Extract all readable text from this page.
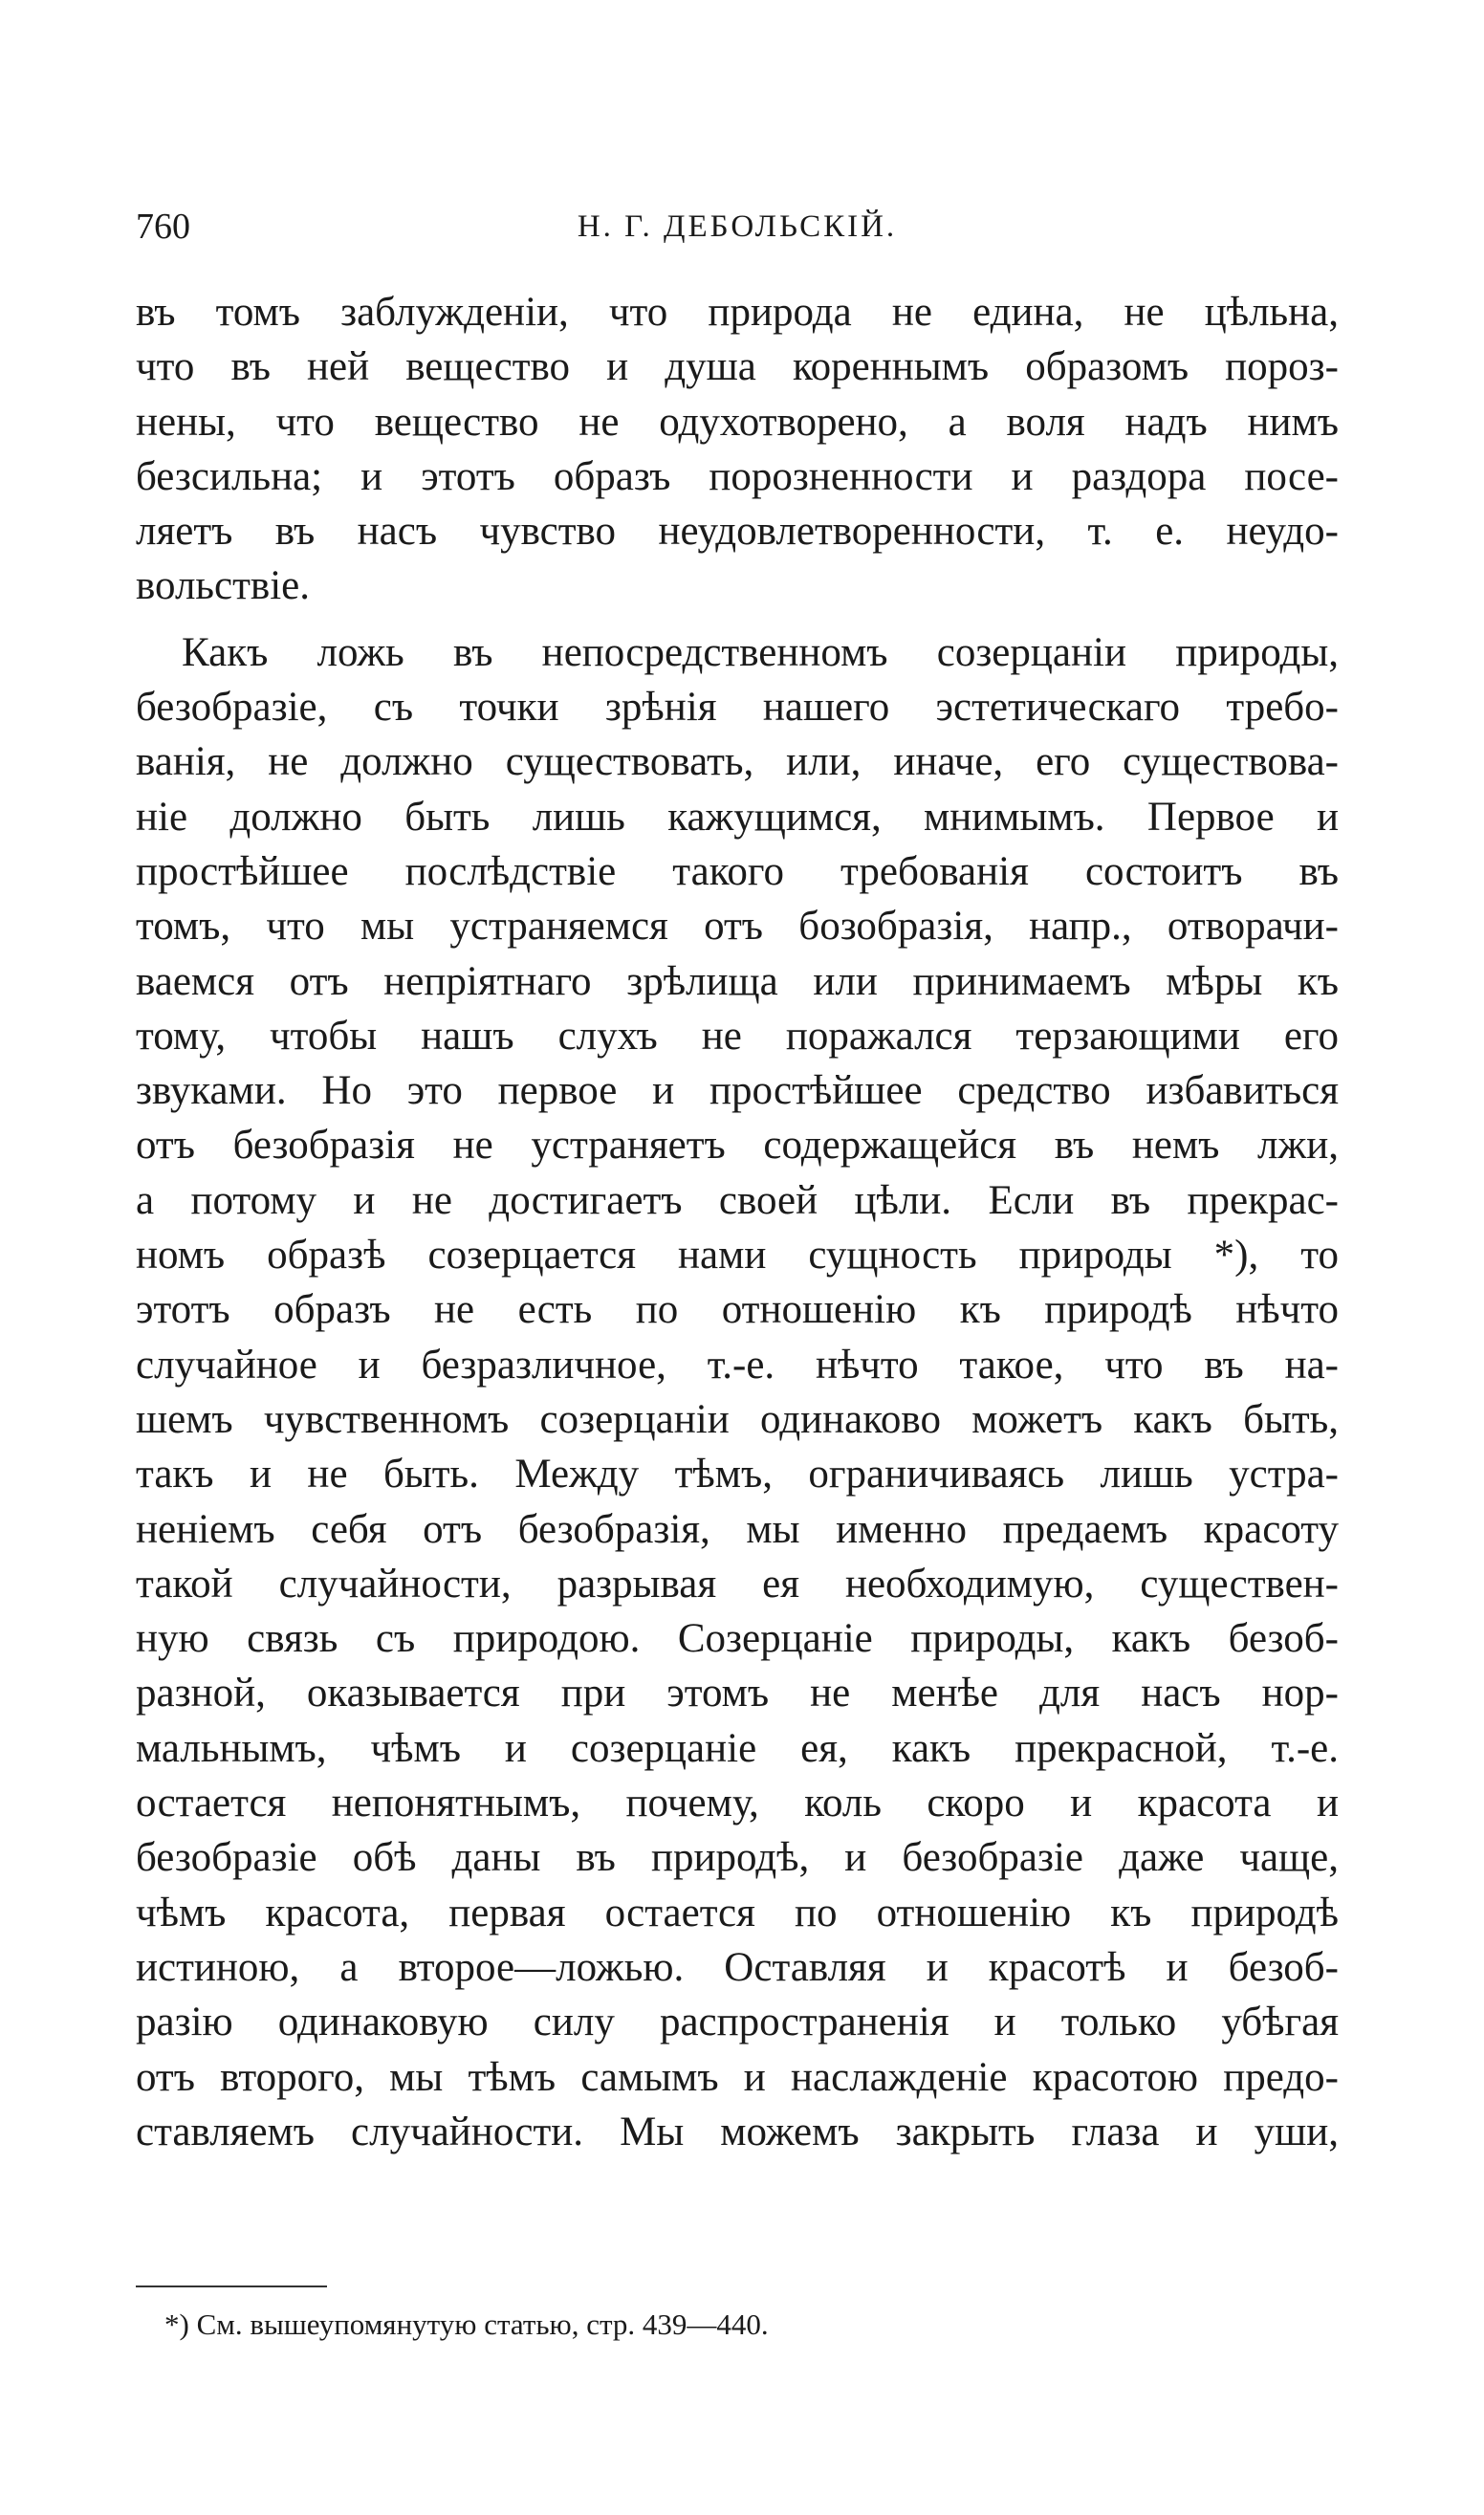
760	Н. Г. ДЕБОЛЬСКІЙ.
въ томъ заблужденіи, что природа не едина, не цѣльна,
что въ ней вещество и душа кореннымъ образомъ порoз-
нены, что вещество не одухотворено, а воля надъ нимъ
безсильна; и этотъ образъ порозненности и раздора посе-
ляетъ въ насъ чувство неудовлетворенности, т. е. неудо-
вольствіе.
Какъ ложь въ непосредственномъ созерцаніи природы,
безобразіе, съ точки зрѣнія нашего эстетическаго требо-
ванія, не должно существовать, или, иначе, его существова-
ніе должно быть лишь кажущимся, мнимымъ. Первое и
простѣйшее послѣдствіе такого требованія состоитъ въ
томъ, что мы устраняемся отъ бозобразія, напр., отворачи-
ваемся отъ непріятнаго зрѣлища или принимаемъ мѣры къ
тому, чтобы нашъ слухъ не поражался терзающими его
звуками. Но это первое и простѣйшее средство избавиться
отъ безобразія не устраняетъ содержащейся въ немъ лжи,
а потому и не достигаетъ своей цѣли. Если въ прекрас-
номъ образѣ созерцается нами сущность природы *), то
этотъ образъ не есть по отношенію къ природѣ нѣчто
случайное и безразличное, т.-е. нѣчто такое, что въ на-
шемъ чувственномъ созерцаніи одинаково можетъ какъ быть,
такъ и не быть. Между тѣмъ, ограничиваясь лишь устра-
неніемъ себя отъ безобразія, мы именно предаемъ красоту
такой случайности, разрывая ея необходимую, существен-
ную связь съ природою. Созерцаніе природы, какъ безоб-
разной, оказывается при этомъ не менѣе для насъ нор-
мальнымъ, чѣмъ и созерцаніе ея, какъ прекрасной, т.-е.
остается непонятнымъ, почему, коль скоро и красота и
безобразіе обѣ даны въ природѣ, и безобразіе даже чаще,
чѣмъ красота, первая остается по отношенію къ природѣ
истиною, а второе—ложью. Оставляя и красотѣ и безоб-
разію одинаковую силу распространенія и только убѣгая
отъ второго, мы тѣмъ самымъ и наслажденіе красотою предо-
ставляемъ случайности. Мы можемъ закрыть глаза и уши,
*) См. вышеупомянутую статью, стр. 439—440.
